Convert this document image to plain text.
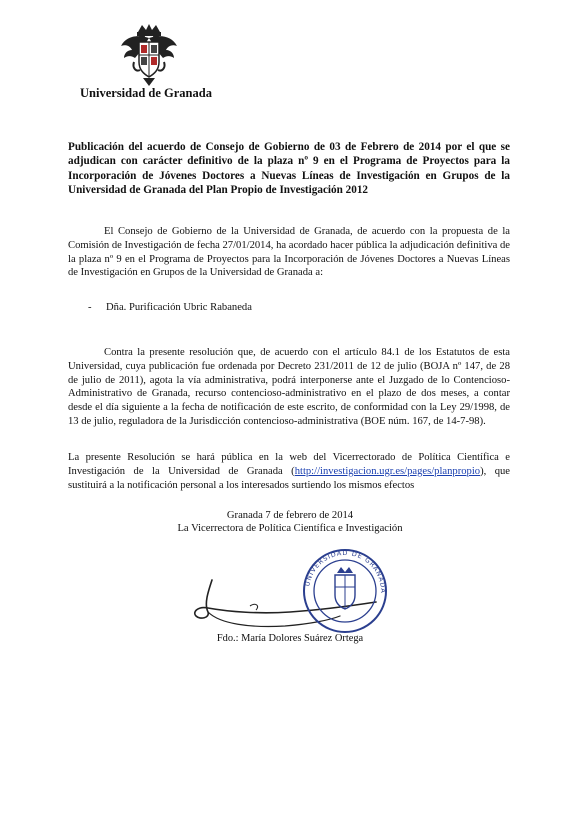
Universidad de Granada
Publicación del acuerdo de Consejo de Gobierno de 03 de Febrero de 2014 por el que se adjudican con carácter definitivo de la plaza nº 9 en el Programa de Proyectos para la Incorporación de Jóvenes Doctores a Nuevas Líneas de Investigación en Grupos de la Universidad de Granada del Plan Propio de Investigación 2012

El Consejo de Gobierno de la Universidad de Granada, de acuerdo con la propuesta de la Comisión de Investigación de fecha 27/01/2014, ha acordado hacer pública la adjudicación definitiva de la plaza nº 9 en el Programa de Proyectos para la Incorporación de Jóvenes Doctores a Nuevas Líneas de Investigación en Grupos de la Universidad de Granada a:

- Dña. Purificación Ubric Rabaneda

Contra la presente resolución que, de acuerdo con el artículo 84.1 de los Estatutos de esta Universidad, cuya publicación fue ordenada por Decreto 231/2011 de 12 de julio (BOJA nº 147, de 28 de julio de 2011), agota la vía administrativa, podrá interponerse ante el Juzgado de lo Contencioso-Administrativo de Granada, recurso contencioso-administrativo en el plazo de dos meses, a contar desde el día siguiente a la fecha de notificación de este escrito, de conformidad con la Ley 29/1998, de 13 de julio, reguladora de la Jurisdicción contencioso-administrativa (BOE núm. 167, de 14-7-98).

La presente Resolución se hará pública en la web del Vicerrectorado de Política Científica e Investigación de la Universidad de Granada (http://investigacion.ugr.es/pages/planpropio), que sustituirá a la notificación personal a los interesados surtiendo los mismos efectos

Granada 7 de febrero de 2014
La Vicerrectora de Política Científica e Investigación
UNIVERSIDAD DE GRANADA
Fdo.: María Dolores Suárez Ortega
